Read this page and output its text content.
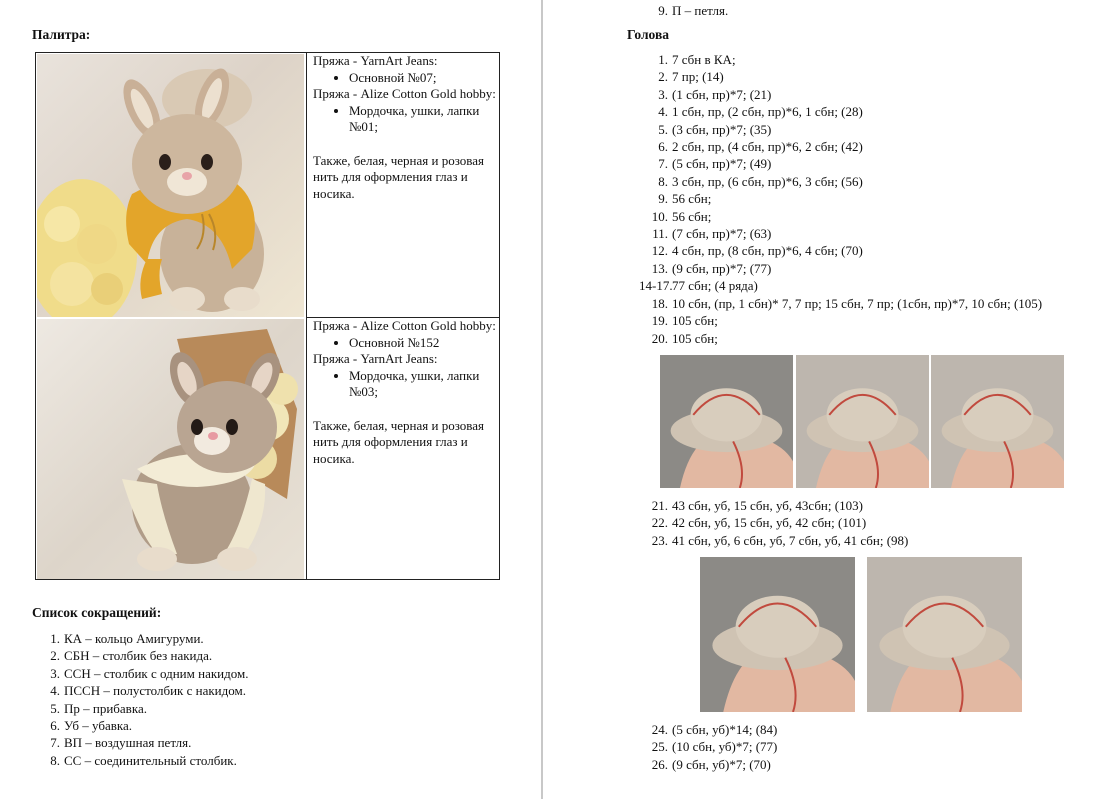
Палитра:

Пряжа - YarnArt Jeans:

• Основной №07;

Пряжа - Alize Cotton Gold hobby:

• Мордочка, ушки, лапки №01;

Также, белая, черная и розовая нить для оформления глаз и носика.

Пряжа - Alize Cotton Gold hobby:

• Основной №152

Пряжа - YarnArt Jeans:

• Мордочка, ушки, лапки №03;

Также, белая, черная и розовая нить для оформления глаз и носика.

Список сокращений:
1. КА – кольцо Амигуруми.
2. СБН – столбик без накида.
3. ССН – столбик с одним накидом.
4. ПССН – полустолбик с накидом.
5. Пр – прибавка.
6. Уб – убавка.
7. ВП – воздушная петля.
8. СС – соединительный столбик.
9. П – петля.
Голова
1. 7 сбн в КА;
2. 7 пр; (14)
3. (1 сбн, пр)*7; (21)
4. 1 сбн, пр, (2 сбн, пр)*6, 1 сбн; (28)
5. (3 сбн, пр)*7; (35)
6. 2 сбн, пр, (4 сбн, пр)*6, 2 сбн; (42)
7. (5 сбн, пр)*7; (49)
8. 3 сбн, пр, (6 сбн, пр)*6, 3 сбн; (56)
9. 56 сбн;
10. 56 сбн;
11. (7 сбн, пр)*7; (63)
12. 4 сбн, пр, (8 сбн, пр)*6, 4 сбн; (70)
13. (9 сбн, пр)*7; (77)
14-17.77 сбн; (4 ряда)
18. 10 сбн, (пр, 1 сбн)* 7, 7 пр; 15 сбн, 7 пр; (1сбн, пр)*7, 10 сбн; (105)
19. 105 сбн;
20. 105 сбн;
21. 43 сбн, уб, 15 сбн, уб, 43сбн; (103)
22. 42 сбн, уб, 15 сбн, уб, 42 сбн; (101)
23. 41 сбн, уб, 6 сбн, уб, 7 сбн, уб, 41 сбн; (98)
24. (5 сбн, уб)*14; (84)
25. (10 сбн, уб)*7; (77)
26. (9 сбн, уб)*7; (70)
